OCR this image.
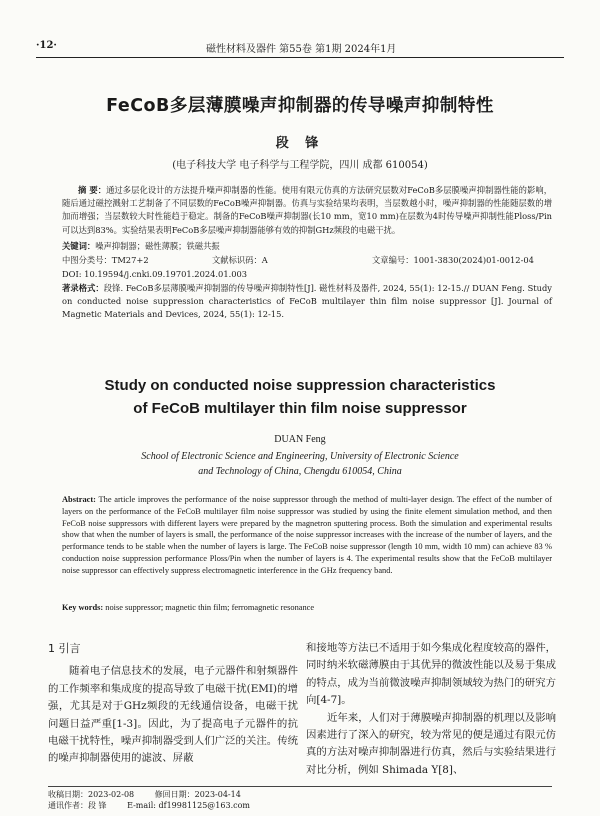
·12·	磁性材料及器件 第55卷 第1期 2024年1月
FeCoB多层薄膜噪声抑制器的传导噪声抑制特性
段 锋
(电子科技大学 电子科学与工程学院，四川 成都 610054)
摘 要：通过多层化设计的方法提升噪声抑制器的性能。使用有限元仿真的方法研究层数对FeCoB多层膜噪声抑制器性能的影响，随后通过磁控溅射工艺制备了不同层数的FeCoB噪声抑制器。仿真与实验结果均表明，当层数越小时，噪声抑制器的性能随层数的增加而增强；当层数较大时性能趋于稳定。制备的FeCoB噪声抑制器(长10 mm，宽10 mm)在层数为4时传导噪声抑制性能Ploss/Pin可以达到83%。实验结果表明FeCoB多层噪声抑制器能够有效的抑制GHz频段的电磁干扰。
关键词：噪声抑制器；磁性薄膜；铁磁共振
中图分类号：TM27+2	文献标识码：A	文章编号：1001-3830(2024)01-0012-04
DOI: 10.19594/j.cnki.09.19701.2024.01.003
著录格式：段锋. FeCoB多层薄膜噪声抑制器的传导噪声抑制特性[J]. 磁性材料及器件, 2024, 55(1): 12-15.// DUAN Feng. Study on conducted noise suppression characteristics of FeCoB multilayer thin film noise suppressor [J]. Journal of Magnetic Materials and Devices, 2024, 55(1): 12-15.
Study on conducted noise suppression characteristics
of FeCoB multilayer thin film noise suppressor
DUAN Feng
School of Electronic Science and Engineering, University of Electronic Science
and Technology of China, Chengdu 610054, China
Abstract: The article improves the performance of the noise suppressor through the method of multi-layer design. The effect of the number of layers on the performance of the FeCoB multilayer film noise suppressor was studied by using the finite element simulation method, and then FeCoB noise suppressors with different layers were prepared by the magnetron sputtering process. Both the simulation and experimental results show that when the number of layers is small, the performance of the noise suppressor increases with the increase of the number of layers, and the performance tends to be stable when the number of layers is large. The FeCoB noise suppressor (length 10 mm, width 10 mm) can achieve 83 % conduction noise suppression performance Ploss/Pin when the number of layers is 4. The experimental results show that the FeCoB multilayer noise suppressor can effectively suppress electromagnetic interference in the GHz frequency band.
Key words: noise suppressor; magnetic thin film; ferromagnetic resonance
1 引言
随着电子信息技术的发展，电子元器件和射频器件的工作频率和集成度的提高导致了电磁干扰(EMI)的增强，尤其是对于GHz频段的无线通信设备，电磁干扰问题日益严重[1-3]。因此，为了提高电子元器件的抗电磁干扰特性，噪声抑制器受到人们广泛的关注。传统的噪声抑制器使用的滤波、屏蔽
和接地等方法已不适用于如今集成化程度较高的器件，同时纳米软磁薄膜由于其优异的微波性能以及易于集成的特点，成为当前微波噪声抑制领域较为热门的研究方向[4-7]。
近年来，人们对于薄膜噪声抑制器的机理以及影响因素进行了深入的研究，较为常见的便是通过有限元仿真的方法对噪声抑制器进行仿真，然后与实验结果进行对比分析，例如 Shimada Y[8]、
收稿日期：2023-02-08	修回日期：2023-04-14
通讯作者：段 锋	E-mail: df19981125@163.com
